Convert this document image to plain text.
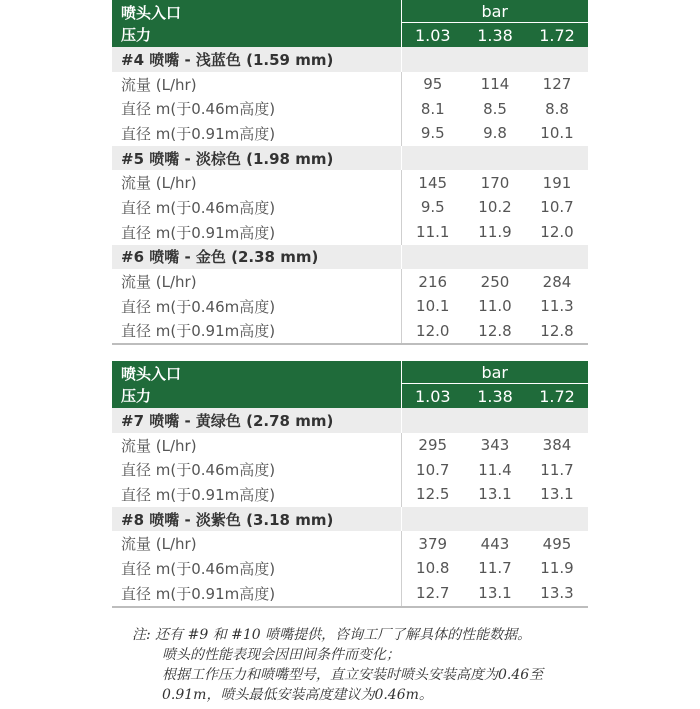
喷头入口
压力	bar		
	1.03	1.38	1.72
#4 喷嘴 - 浅蓝色 (1.59 mm)			
流量 (L/hr)	95	114	127
直径 m(于0.46m高度)	8.1	8.5	8.8
直径 m(于0.91m高度)	9.5	9.8	10.1
#5 喷嘴 - 淡棕色 (1.98 mm)			
流量 (L/hr)	145	170	191
直径 m(于0.46m高度)	9.5	10.2	10.7
直径 m(于0.91m高度)	11.1	11.9	12.0
#6 喷嘴 - 金色 (2.38 mm)			
流量 (L/hr)	216	250	284
直径 m(于0.46m高度)	10.1	11.0	11.3
直径 m(于0.91m高度)	12.0	12.8	12.8
喷头入口
压力	bar		
	1.03	1.38	1.72
#7 喷嘴 - 黄绿色 (2.78 mm)			
流量 (L/hr)	295	343	384
直径 m(于0.46m高度)	10.7	11.4	11.7
直径 m(于0.91m高度)	12.5	13.1	13.1
#8 喷嘴 - 淡紫色 (3.18 mm)			
流量 (L/hr)	379	443	495
直径 m(于0.46m高度)	10.8	11.7	11.9
直径 m(于0.91m高度)	12.7	13.1	13.3
注: 还有 #9 和 #10 喷嘴提供，咨询工厂了解具体的性能数据。
喷头的性能表现会因田间条件而变化；
根据工作压力和喷嘴型号，直立安装时喷头安装高度为0.46至
0.91m，喷头最低安装高度建议为0.46m。
